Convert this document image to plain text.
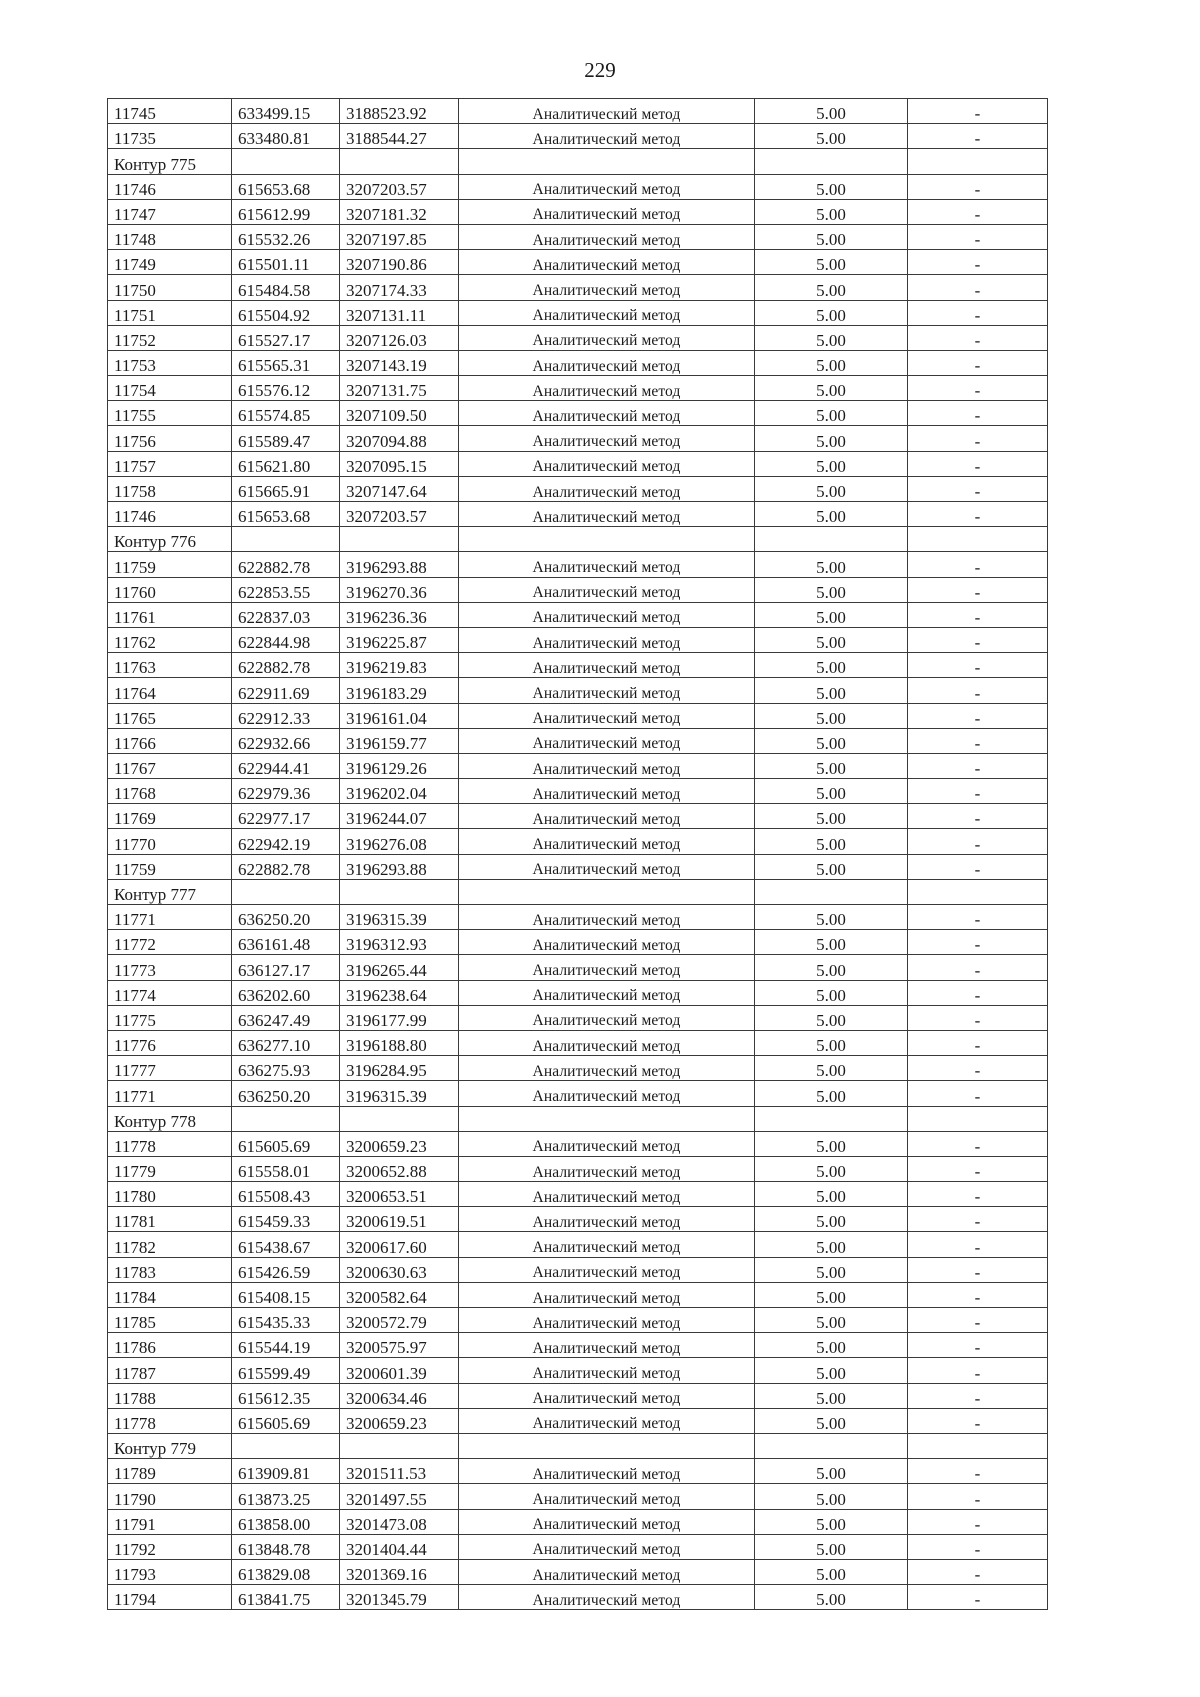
229
11745	633499.15	3188523.92	Аналитический метод	5.00	-
11735	633480.81	3188544.27	Аналитический метод	5.00	-
Контур 775					
11746	615653.68	3207203.57	Аналитический метод	5.00	-
11747	615612.99	3207181.32	Аналитический метод	5.00	-
11748	615532.26	3207197.85	Аналитический метод	5.00	-
11749	615501.11	3207190.86	Аналитический метод	5.00	-
11750	615484.58	3207174.33	Аналитический метод	5.00	-
11751	615504.92	3207131.11	Аналитический метод	5.00	-
11752	615527.17	3207126.03	Аналитический метод	5.00	-
11753	615565.31	3207143.19	Аналитический метод	5.00	-
11754	615576.12	3207131.75	Аналитический метод	5.00	-
11755	615574.85	3207109.50	Аналитический метод	5.00	-
11756	615589.47	3207094.88	Аналитический метод	5.00	-
11757	615621.80	3207095.15	Аналитический метод	5.00	-
11758	615665.91	3207147.64	Аналитический метод	5.00	-
11746	615653.68	3207203.57	Аналитический метод	5.00	-
Контур 776					
11759	622882.78	3196293.88	Аналитический метод	5.00	-
11760	622853.55	3196270.36	Аналитический метод	5.00	-
11761	622837.03	3196236.36	Аналитический метод	5.00	-
11762	622844.98	3196225.87	Аналитический метод	5.00	-
11763	622882.78	3196219.83	Аналитический метод	5.00	-
11764	622911.69	3196183.29	Аналитический метод	5.00	-
11765	622912.33	3196161.04	Аналитический метод	5.00	-
11766	622932.66	3196159.77	Аналитический метод	5.00	-
11767	622944.41	3196129.26	Аналитический метод	5.00	-
11768	622979.36	3196202.04	Аналитический метод	5.00	-
11769	622977.17	3196244.07	Аналитический метод	5.00	-
11770	622942.19	3196276.08	Аналитический метод	5.00	-
11759	622882.78	3196293.88	Аналитический метод	5.00	-
Контур 777					
11771	636250.20	3196315.39	Аналитический метод	5.00	-
11772	636161.48	3196312.93	Аналитический метод	5.00	-
11773	636127.17	3196265.44	Аналитический метод	5.00	-
11774	636202.60	3196238.64	Аналитический метод	5.00	-
11775	636247.49	3196177.99	Аналитический метод	5.00	-
11776	636277.10	3196188.80	Аналитический метод	5.00	-
11777	636275.93	3196284.95	Аналитический метод	5.00	-
11771	636250.20	3196315.39	Аналитический метод	5.00	-
Контур 778					
11778	615605.69	3200659.23	Аналитический метод	5.00	-
11779	615558.01	3200652.88	Аналитический метод	5.00	-
11780	615508.43	3200653.51	Аналитический метод	5.00	-
11781	615459.33	3200619.51	Аналитический метод	5.00	-
11782	615438.67	3200617.60	Аналитический метод	5.00	-
11783	615426.59	3200630.63	Аналитический метод	5.00	-
11784	615408.15	3200582.64	Аналитический метод	5.00	-
11785	615435.33	3200572.79	Аналитический метод	5.00	-
11786	615544.19	3200575.97	Аналитический метод	5.00	-
11787	615599.49	3200601.39	Аналитический метод	5.00	-
11788	615612.35	3200634.46	Аналитический метод	5.00	-
11778	615605.69	3200659.23	Аналитический метод	5.00	-
Контур 779					
11789	613909.81	3201511.53	Аналитический метод	5.00	-
11790	613873.25	3201497.55	Аналитический метод	5.00	-
11791	613858.00	3201473.08	Аналитический метод	5.00	-
11792	613848.78	3201404.44	Аналитический метод	5.00	-
11793	613829.08	3201369.16	Аналитический метод	5.00	-
11794	613841.75	3201345.79	Аналитический метод	5.00	-
